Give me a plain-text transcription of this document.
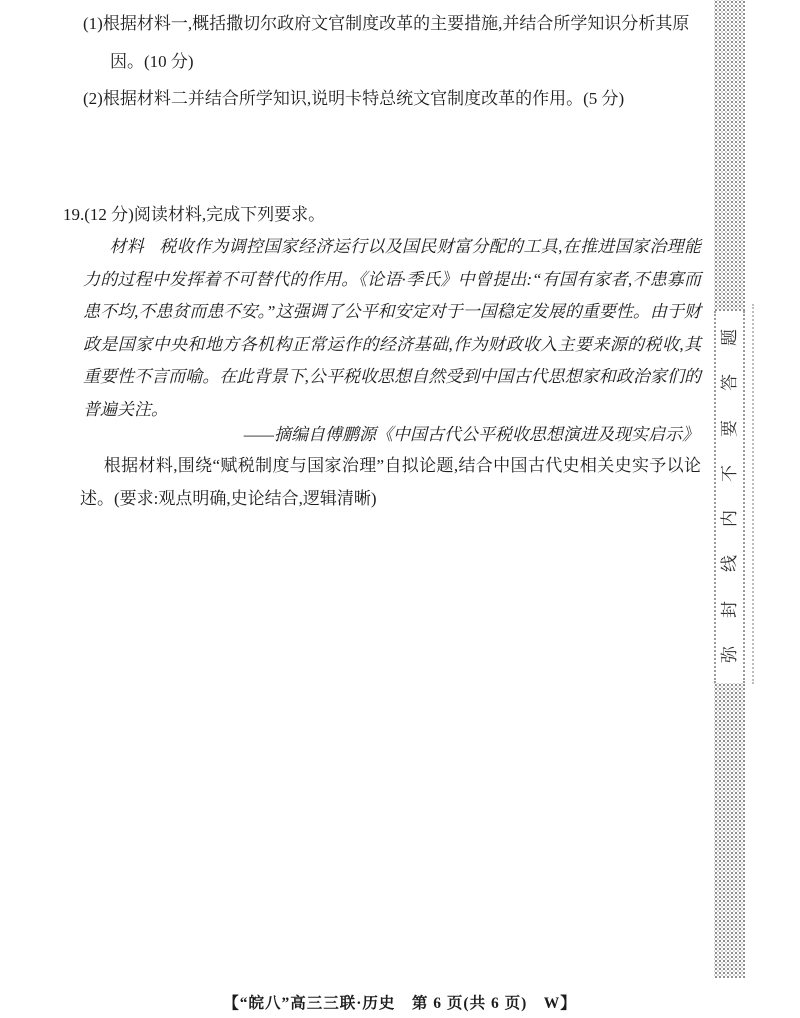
(1)根据材料一,概括撒切尔政府文官制度改革的主要措施,并结合所学知识分析其原

因。(10 分)

(2)根据材料二并结合所学知识,说明卡特总统文官制度改革的作用。(5 分)

19.(12 分)阅读材料,完成下列要求。

材料 税收作为调控国家经济运行以及国民财富分配的工具,在推进国家治理能力的过程中发挥着不可替代的作用。《论语·季氏》中曾提出:“有国有家者,不患寡而患不均,不患贫而患不安。”这强调了公平和安定对于一国稳定发展的重要性。由于财政是国家中央和地方各机构正常运作的经济基础,作为财政收入主要来源的税收,其重要性不言而喻。在此背景下,公平税收思想自然受到中国古代思想家和政治家们的普遍关注。

——摘编自傅鹏源《中国古代公平税收思想演进及现实启示》

根据材料,围绕“赋税制度与国家治理”自拟论题,结合中国古代史相关史实予以论述。(要求:观点明确,史论结合,逻辑清晰)

题
答
要
不
内
线
封
弥
【“皖八”高三三联·历史　第 6 页(共 6 页)　W】
